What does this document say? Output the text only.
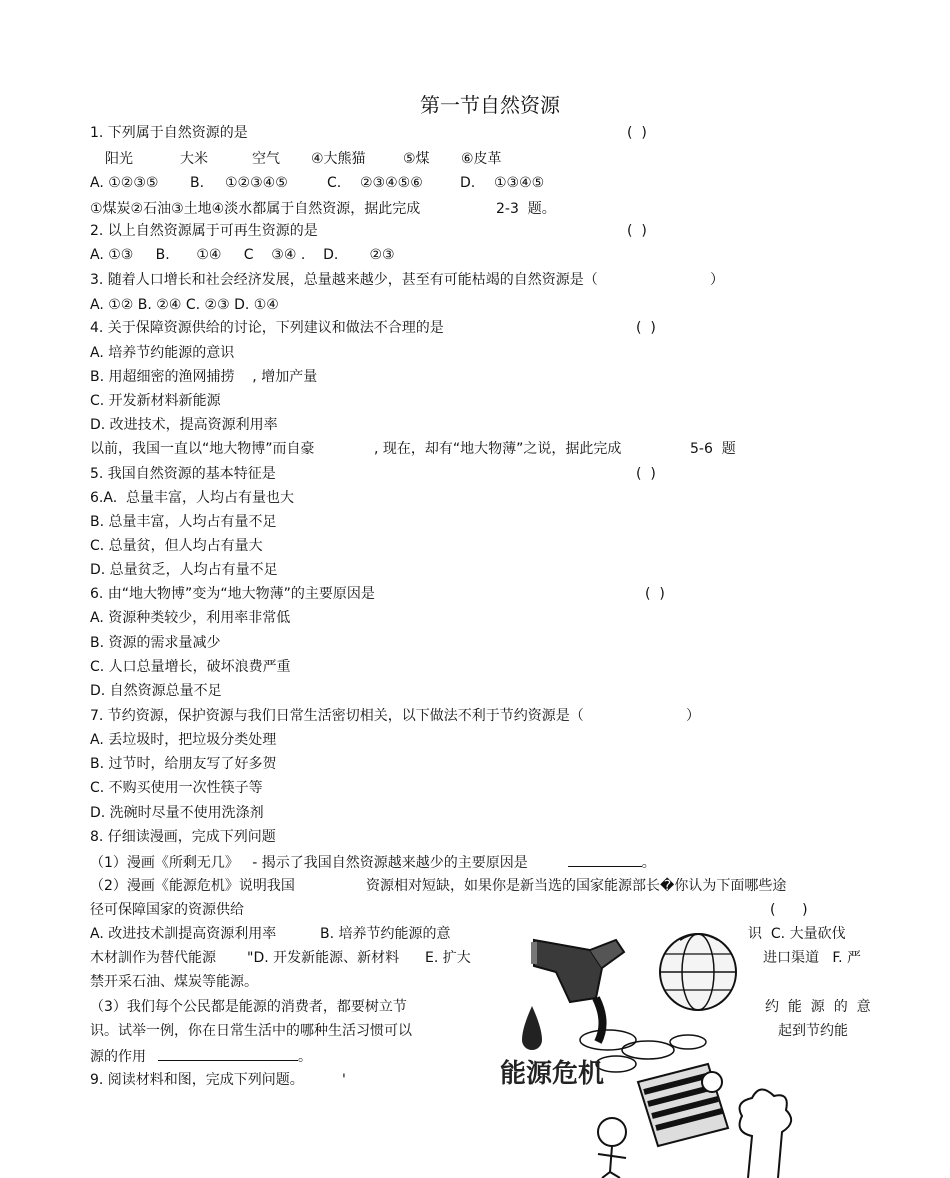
第一节自然资源
1. 下列属于自然资源的是	(  )
阳光	大米	空气 ④大熊猫	⑤煤 ⑥皮革
A. ①②③⑤ B. ①②③④⑤	C. ②③④⑤⑥	D. ①③④⑤
①煤炭②石油③土地④淡水都属于自然资源，据此完成	2-3  题。
2. 以上自然资源属于可再生资源的是	(  )
A. ①③     B.      ①④     C    ③④ .    D.       ②③
3. 随着人口增长和社会经济发展，总量越来越少，甚至有可能枯竭的自然资源是（	）
A. ①② B. ②④ C. ②③ D. ①④
4. 关于保障资源供给的讨论，下列建议和做法不合理的是	(  )
A. 培养节约能源的意识
B. 用超细密的渔网捕捞    , 增加产量
C. 开发新材料新能源
D. 改进技术，提高资源利用率
以前，我国一直以“地大物博”而自豪	, 现在，却有“地大物薄”之说，据此完成	5-6  题
5. 我国自然资源的基本特征是	(  )
6.A.  总量丰富，人均占有量也大
B. 总量丰富，人均占有量不足
C. 总量贫，但人均占有量大
D. 总量贫乏，人均占有量不足
6. 由“地大物博”变为“地大物薄”的主要原因是	(  )
A. 资源种类较少，利用率非常低
B. 资源的需求量减少
C. 人口总量增长，破坏浪费严重
D. 自然资源总量不足
7. 节约资源，保护资源与我们日常生活密切相关，以下做法不利于节约资源是（	）
A. 丢垃圾时，把垃圾分类处理
B. 过节时，给朋友写了好多贺
C. 不购买使用一次性筷子等
D. 洗碗时尽量不使用洗涤剂
8. 仔细读漫画，完成下列问题
（1）漫画《所剩无几》   - 揭示了我国自然资源越来越少的主要原因是	。
（2）漫画《能源危机》说明我国	资源相对短缺，如果你是新当选的国家能源部长�你认为下面哪些途
径可保障国家的资源供给	(      )
A. 改进技术訓提高资源利用率	B. 培养节约能源的意	识  C. 大量砍伐
木材訓作为替代能源 "D. 开发新能源、新材料 E. 扩大	进口渠道   F. 严
禁开采石油、煤炭等能源。
（3）我们每个公民都是能源的消费者，都要树立节	约  能  源  的  意
识。试举一例，你在日常生活中的哪种生活习惯可以	起到节约能
源的作用	。
9. 阅读材料和图，完成下列问题。	'	能源危机
